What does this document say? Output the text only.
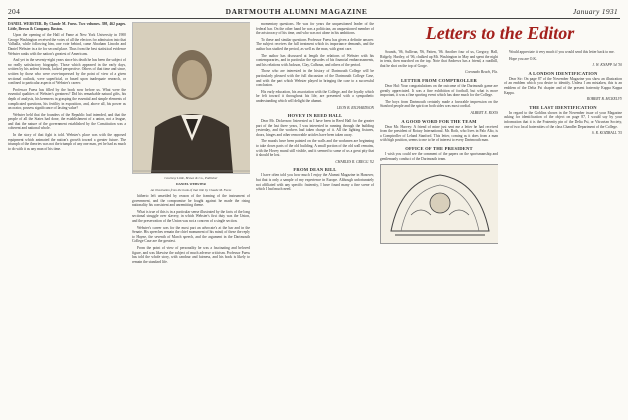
204	DARTMOUTH ALUMNI MAGAZINE	January 1931

DANIEL WEBSTER. By Claude M. Fuess. Two volumes. 398, 462 pages. Little, Brown & Company. Boston.

Upon the opening of the Hall of Fame at New York University in 1900 George Washington received the votes of all the electors for admission into that Valhalla, while following him, one vote behind, came Abraham Lincoln and Daniel Webster in a tie for second place. Thus from the best statistical evidence Webster ranks with the nation's greatest of Americans.

And yet in the seventy-eight years since his death he has been the subject of no really satisfactory biography. Those which appeared in the early days, written by his ardent friends, lacked perspective. Others of that time and since, written by those who were over-impressed by the point of view of a given sectional outlook, were superficial, or based upon inadequate research, or confined to particular aspects of Webster's career.

Professor Fuess has filled by the book now before us. What were the essential qualities of Webster's greatness? Did his remarkable natural gifts, his depth of analysis, his keenness in grasping the essential and simple elements of complicated questions, his fertility in exposition, and, above all, his power as an orator, possess significance of lasting value?

Webster held that the founders of the Republic had intended, and that the people of all the States had done, the establishment of a union, not a league, and that the nature of the government established by the Constitution was a coherent and national whole.

In the story of that fight is told. Webster's place was with the opposed equipment which animated the nation's growth toward a greater future. The triumph of the theories was not the triumph of any one man, yet he had as much to do with it as any man of his time.

Courtesy Little, Brown & Co., Publisher

DANIEL WEBSTER

An illustration from the book of that title by Claude M. Fuess

hitherto left unsettled by reason of the framing of the instrument of government, and the compromise he fought against he made the rising nationality his consistent and unremitting theme.

What is true of this is in a particular sense illustrated by the facts of the long sectional struggle over slavery, in which Webster's first duty was the Union, and the preservation of the Union was not a concern of a single section.

Webster's career was for the most part an advocate's at the bar and in the Senate. His speeches remain the chief monument of his mind; of these the reply to Hayne, the seventh of March speech, and the argument in the Dartmouth College Case are the greatest.

From the point of view of personality he was a fascinating and beloved figure, and was likewise the subject of much adverse criticism. Professor Fuess has told the whole story, with candour and fairness, and his book is likely to remain the standard life.

momentary questions. He was for years the unquestioned leader of the federal bar. On the other hand he was a politician, an unquestioned member of the aristocracy of his time, and who was not alone in his ambitions.

To these and similar questions Professor Fuess has given a definite answer. The subject receives the full treatment which its importance demands, and the author has studied the period, as well as the man, with great care.

The author has discussed at length the relations of Webster with his contemporaries, and in particular the episodes of his financial embarrassments, and his relations with Jackson, Clay, Calhoun, and others of the period.

Those who are interested in the history of Dartmouth College will be particularly pleased with the full discussion of the Dartmouth College Case, and with the part which Webster played in bringing the case to a successful conclusion.

His early education, his association with the College, and the loyalty which he felt toward it throughout his life, are presented with a sympathetic understanding which will delight the alumni.

LEON B. RICHARDSON

HOVEY IN REED HALL

Dear Mr. Dickerson: Interested as I have been in Reed Hall for the greater part of the last three years, I was interested in running through the building yesterday, and the workers had taken charge of it. All the lighting fixtures, doors, hinges and other removable articles have been taken away.

The murals have been painted on the walls and the workmen are beginning to take down parts of the old building. A small portion of the old wall remains, with the Hovey mural still visible, and it seemed to some of us a great pity that it should be lost.

CHARLES R. GREGG '02

FROM DEAN BILL

I have often told you how much I enjoy the Alumni Magazine in Hanover, but that is only a sample of my experience in Europe. Although unfortunately not affiliated with any specific fraternity, I have found many a fine scene of which I had much need.

Letters to the Editor

Sounds, '06, Sullivan, '06, Patten, '06. Another four of us, Gregory, Hall, Ridgely, Hartley, of '06, chalked up Mt. Washington in May and spent the night in tents, then marched on the top. Note that Andrews has a friend, a roadhill, that he shot on the top of Gorge.

Coronado Beach, Fla.

LETTER FROM COMPTROLLER

Dear Hal: Your congratulations on the outcome of the Dartmouth game are greatly appreciated. It was a fine exhibition of football, but what is more important, it was a fine sporting event which has done much for the College.

The boys from Dartmouth certainly made a favorable impression on the Stanford people and the spirit on both sides was most cordial.

ALBERT E. ROOS

A GOOD WORD FOR THE TEAM

Dear Mr. Harvey: A friend of mine just sent me a letter he had received from the president of Rotary International. Mr. Roth, who lives in Palo Alto, is a Comptroller of Leland Stanford. This letter, coming as it does from a man with high position, seems to me to be of interest to every Dartmouth man.

OFFICE OF THE PRESIDENT

I wish you could see the comment of the papers on the sportsmanship and gentlemanly conduct of the Dartmouth team.

Would appreciate it very much if you would send this letter back to me.

Hope you are O.K.

J. W. KNAPP 3d '30

A LONDON IDENTIFICATION

Dear Sir: On page 87 of the November Magazine you show an illustration of an emblem which you desire to identify. Unless I am mistaken, this is an emblem of the Delta Psi chapter and of the present fraternity Kappa Kappa Kappa.

ROBERT B. MCKELVY

THE LAST IDENTIFICATION

In regard to the Goblins shown in the November issue of your Magazine asking for identification of the object on page 87, I would say by your information that it is the Fraternity pin of the Delta Psi, or Vitruvian Society, one of two local fraternities of the class Chandler Department of the College.

S. R. KOZIBALL '35
